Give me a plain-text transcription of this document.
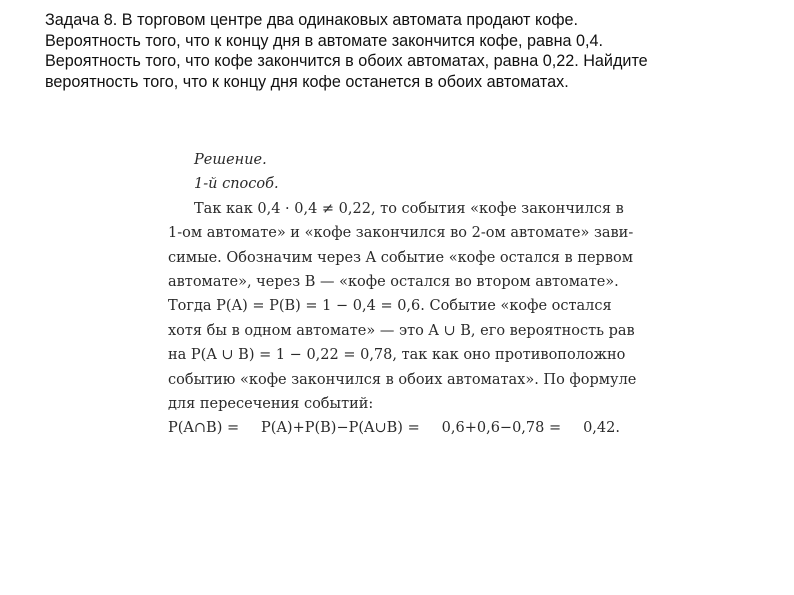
Задача 8. В торговом центре два одинаковых автомата продают кофе.
Вероятность того, что к концу дня в автомате закончится кофе, равна 0,4.
Вероятность того, что кофе закончится в обоих автоматах, равна 0,22. Найдите
вероятность того, что к концу дня кофе останется в обоих автоматах.
Решение.
1-й способ.
Так как 0,4 · 0,4 ≠ 0,22, то события «кофе закончился в
1-ом автомате» и «кофе закончился во 2-ом автомате» зави-
симые. Обозначим через A событие «кофе остался в первом
автомате», через B — «кофе остался во втором автомате».
Тогда P(A) = P(B) = 1 − 0,4 = 0,6. Событие «кофе остался
хотя бы в одном автомате» — это A ∪ B, его вероятность рав
на P(A ∪ B) = 1 − 0,22 = 0,78, так как оно противоположно
событию «кофе закончился в обоих автоматах». По формуле
для пересечения событий:
P(A∩B) = P(A)+P(B)−P(A∪B) = 0,6+0,6−0,78 = 0,42.
